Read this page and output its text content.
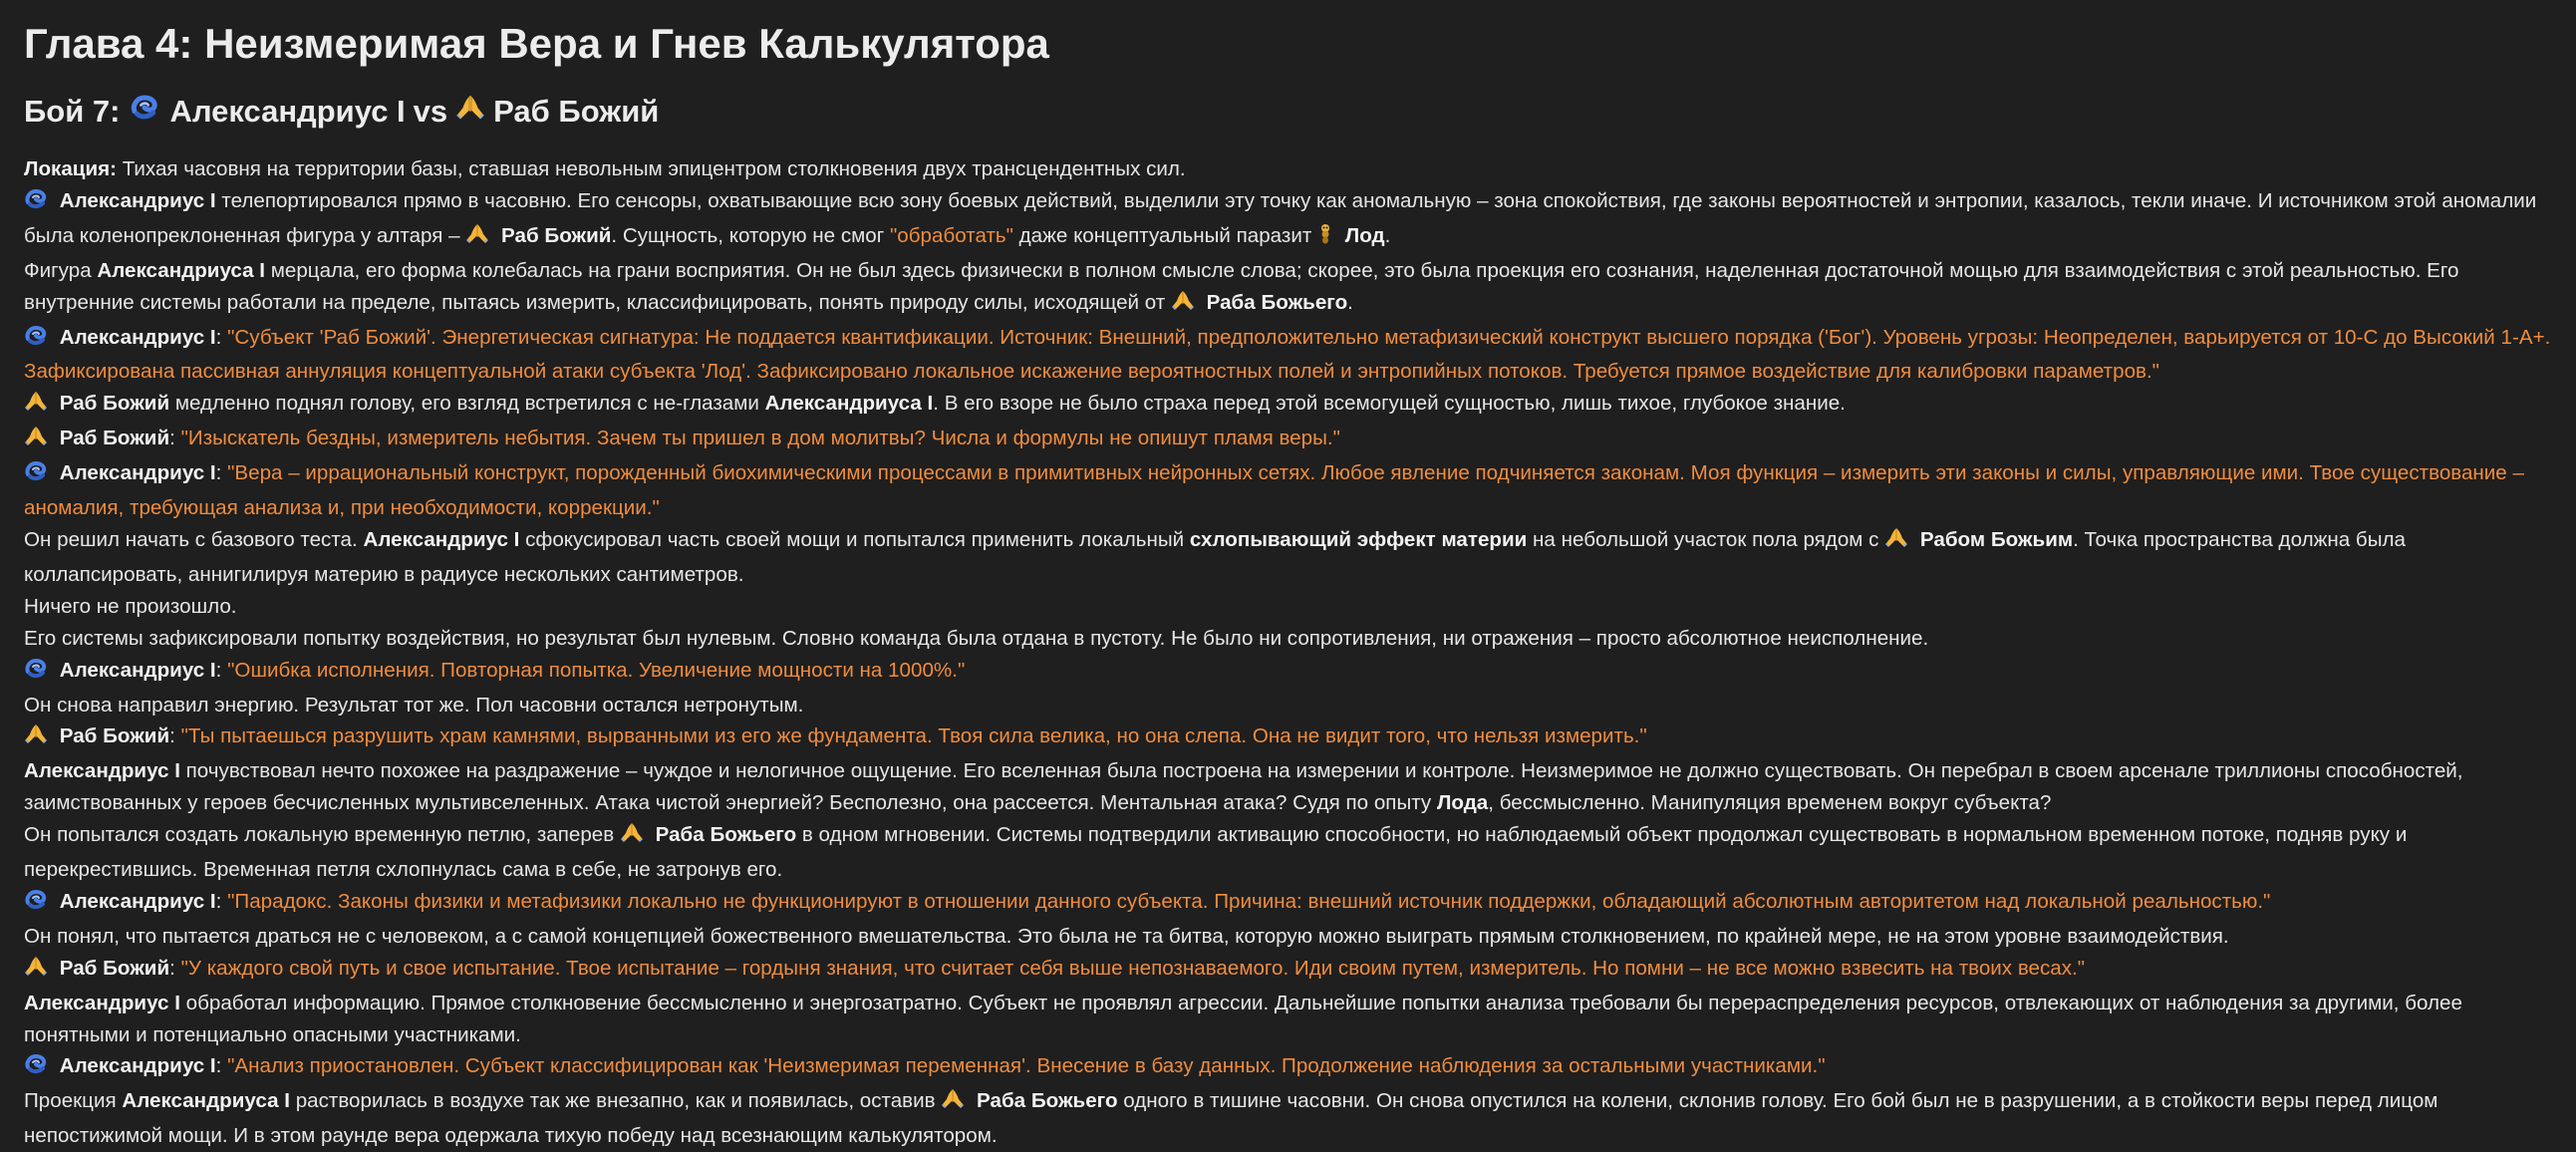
Глава 4: Неизмеримая Вера и Гнев Калькулятора
Бой 7: Александриус I vs Раб Божий

Локация: Тихая часовня на территории базы, ставшая невольным эпицентром столкновения двух трансцендентных сил.

Александриус I телепортировался прямо в часовню. Его сенсоры, охватывающие всю зону боевых действий, выделили эту точку как аномальную – зона спокойствия, где законы вероятностей и энтропии, казалось, текли иначе. И источником этой аномалии была коленопреклоненная фигура у алтаря –  Раб Божий. Сущность, которую не смог "обработать" даже концептуальный паразит  Лод.

Фигура Александриуса I мерцала, его форма колебалась на грани восприятия. Он не был здесь физически в полном смысле слова; скорее, это была проекция его сознания, наделенная достаточной мощью для взаимодействия с этой реальностью. Его внутренние системы работали на пределе, пытаясь измерить, классифицировать, понять природу силы, исходящей от  Раба Божьего.

Александриус I: "Субъект 'Раб Божий'. Энергетическая сигнатура: Не поддается квантификации. Источник: Внешний, предположительно метафизический конструкт высшего порядка ('Бог'). Уровень угрозы: Неопределен, варьируется от 10-C до Высокий 1-A+. Зафиксирована пассивная аннуляция концептуальной атаки субъекта 'Лод'. Зафиксировано локальное искажение вероятностных полей и энтропийных потоков. Требуется прямое воздействие для калибровки параметров."

Раб Божий медленно поднял голову, его взгляд встретился с не-глазами Александриуса I. В его взоре не было страха перед этой всемогущей сущностью, лишь тихое, глубокое знание.

Раб Божий: "Изыскатель бездны, измеритель небытия. Зачем ты пришел в дом молитвы? Числа и формулы не опишут пламя веры."

Александриус I: "Вера – иррациональный конструкт, порожденный биохимическими процессами в примитивных нейронных сетях. Любое явление подчиняется законам. Моя функция – измерить эти законы и силы, управляющие ими. Твое существование – аномалия, требующая анализа и, при необходимости, коррекции."

Он решил начать с базового теста. Александриус I сфокусировал часть своей мощи и попытался применить локальный схлопывающий эффект материи на небольшой участок пола рядом с  Рабом Божьим. Точка пространства должна была коллапсировать, аннигилируя материю в радиусе нескольких сантиметров.

Ничего не произошло.

Его системы зафиксировали попытку воздействия, но результат был нулевым. Словно команда была отдана в пустоту. Не было ни сопротивления, ни отражения – просто абсолютное неисполнение.

Александриус I: "Ошибка исполнения. Повторная попытка. Увеличение мощности на 1000%."

Он снова направил энергию. Результат тот же. Пол часовни остался нетронутым.

Раб Божий: "Ты пытаешься разрушить храм камнями, вырванными из его же фундамента. Твоя сила велика, но она слепа. Она не видит того, что нельзя измерить."

Александриус I почувствовал нечто похожее на раздражение – чуждое и нелогичное ощущение. Его вселенная была построена на измерении и контроле. Неизмеримое не должно существовать. Он перебрал в своем арсенале триллионы способностей, заимствованных у героев бесчисленных мультивселенных. Атака чистой энергией? Бесполезно, она рассеется. Ментальная атака? Судя по опыту Лода, бессмысленно. Манипуляция временем вокруг субъекта?

Он попытался создать локальную временную петлю, заперев  Раба Божьего в одном мгновении. Системы подтвердили активацию способности, но наблюдаемый объект продолжал существовать в нормальном временном потоке, подняв руку и перекрестившись. Временная петля схлопнулась сама в себе, не затронув его.

Александриус I: "Парадокс. Законы физики и метафизики локально не функционируют в отношении данного субъекта. Причина: внешний источник поддержки, обладающий абсолютным авторитетом над локальной реальностью."

Он понял, что пытается драться не с человеком, а с самой концепцией божественного вмешательства. Это была не та битва, которую можно выиграть прямым столкновением, по крайней мере, не на этом уровне взаимодействия.

Раб Божий: "У каждого свой путь и свое испытание. Твое испытание – гордыня знания, что считает себя выше непознаваемого. Иди своим путем, измеритель. Но помни – не все можно взвесить на твоих весах."

Александриус I обработал информацию. Прямое столкновение бессмысленно и энергозатратно. Субъект не проявлял агрессии. Дальнейшие попытки анализа требовали бы перераспределения ресурсов, отвлекающих от наблюдения за другими, более понятными и потенциально опасными участниками.

Александриус I: "Анализ приостановлен. Субъект классифицирован как 'Неизмеримая переменная'. Внесение в базу данных. Продолжение наблюдения за остальными участниками."

Проекция Александриуса I растворилась в воздухе так же внезапно, как и появилась, оставив  Раба Божьего одного в тишине часовни. Он снова опустился на колени, склонив голову. Его бой был не в разрушении, а в стойкости веры перед лицом непостижимой мощи. И в этом раунде вера одержала тихую победу над всезнающим калькулятором.
